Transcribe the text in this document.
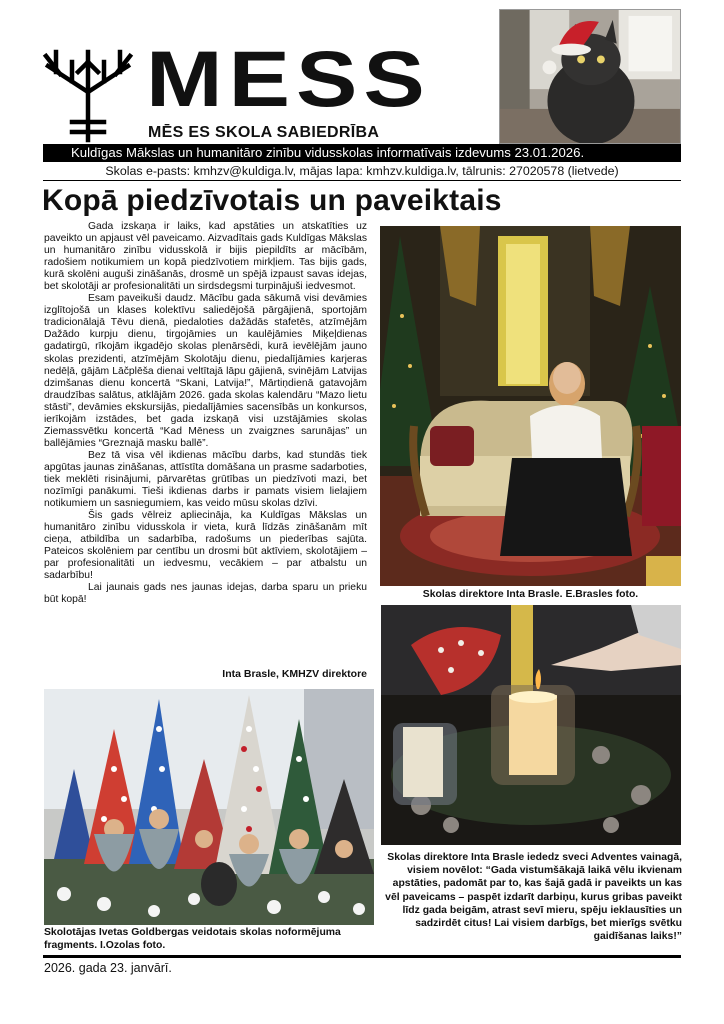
MESS
MĒS ES SKOLA SABIEDRĪBA
Kuldīgas Mākslas un humanitāro zinību vidusskolas informatīvais izdevums 23.01.2026.
Skolas e-pasts: kmhzv@kuldiga.lv, mājas lapa: kmhzv.kuldiga.lv, tālrunis: 27020578 (lietvede)
Kopā piedzīvotais un paveiktais

Gada izskaņa ir laiks, kad apstāties un atskatīties uz paveikto un apjaust vēl paveicamo. Aizvadītais gads Kuldīgas Mākslas un humanitāro zinību vidusskolā ir bijis piepildīts ar mācībām, radošiem notikumiem un kopā piedzīvotiem mirkļiem. Tas bijis gads, kurā skolēni auguši zināšanās, drosmē un spējā izpaust savas idejas, bet skolotāji ar profesionalitāti un sirdsdegsmi turpinājuši iedvesmot.

Esam paveikuši daudz. Mācību gada sākumā visi devāmies izglītojošā un klases kolektīvu saliedējošā pārgājienā, sportojām tradicionālajā Tēvu dienā, piedaloties dažādās stafetēs, atzīmējām Dažādo kurpju dienu, tirgojāmies un kaulējāmies Miķeļdienas gadatirgū, rīkojām ikgadējo skolas plenārsēdi, kurā ievēlējām jauno skolas prezidenti, atzīmējām Skolotāju dienu, piedalījāmies karjeras nedēļā, gājām Lāčplēša dienai veltītajā lāpu gājienā, svinējām Latvijas dzimšanas dienu koncertā “Skani, Latvija!”, Mārtiņdienā gatavojām draudzības salātus, atklājām 2026. gada skolas kalendāru “Mazo lietu stāsti”, devāmies ekskursijās, piedalījāmies sacensībās un konkursos, ierīkojām izstādes, bet gada izskaņā visi uzstājāmies skolas Ziemassvētku koncertā “Kad Mēness un zvaigznes sarunājas” un ballējāmies “Greznajā masku ballē”.

Bez tā visa vēl ikdienas mācību darbs, kad stundās tiek apgūtas jaunas zināšanas, attīstīta domāšana un prasme sadarboties, tiek meklēti risinājumi, pārvarētas grūtības un piedzīvoti mazi, bet nozīmīgi panākumi. Tieši ikdienas darbs ir pamats visiem lielajiem notikumiem un sasniegumiem, kas veido mūsu skolas dzīvi.

Šis gads vēlreiz apliecināja, ka Kuldīgas Mākslas un humanitāro zinību vidusskola ir vieta, kurā līdzās zināšanām mīt cieņa, atbildība un sadarbība, radošums un piederības sajūta. Pateicos skolēniem par centību un drosmi būt aktīviem, skolotājiem – par profesionalitāti un iedvesmu, vecākiem – par atbalstu un sadarbību!

Lai jaunais gads nes jaunas idejas, darba sparu un prieku būt kopā!

Inta Brasle, KMHZV direktore
Skolas direktore Inta Brasle. E.Brasles foto.
Skolas direktore Inta Brasle iededz sveci Adventes vainagā, visiem novēlot: “Gada vistumšākajā laikā vēlu ikvienam apstāties, padomāt par to, kas šajā gadā ir paveikts un kas vēl paveicams – paspēt izdarīt darbiņu, kurus gribas paveikt līdz gada beigām, atrast sevī mieru, spēju ieklausīties un sadzirdēt citus! Lai visiem darbīgs, bet mierīgs svētku gaidīšanas laiks!”
Skolotājas Ivetas Goldbergas veidotais skolas noformējuma fragments. I.Ozolas foto.
2026. gada 23. janvārī.
